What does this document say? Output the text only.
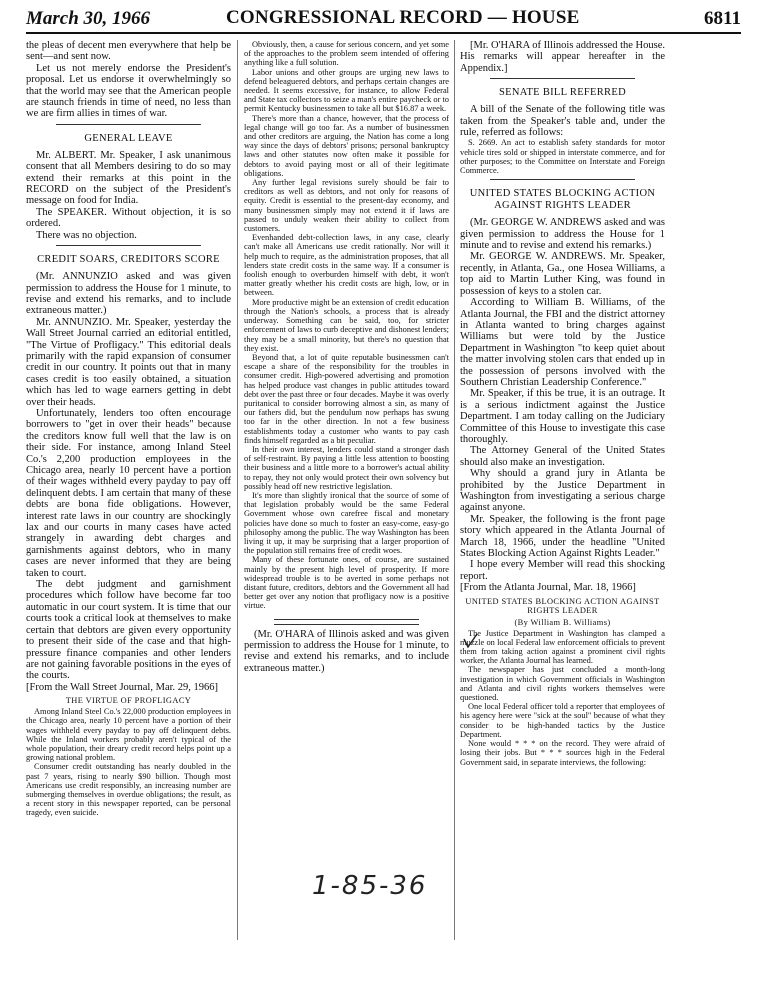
March 30, 1966	CONGRESSIONAL RECORD — HOUSE	6811

the pleas of decent men everywhere that help be sent—and sent now.

Let us not merely endorse the President's proposal. Let us endorse it overwhelmingly so that the world may see that the American people are staunch friends in time of need, no less than we are firm allies in times of war.

GENERAL LEAVE

Mr. ALBERT. Mr. Speaker, I ask unanimous consent that all Members desiring to do so may extend their remarks at this point in the RECORD on the subject of the President's message on food for India.

The SPEAKER. Without objection, it is so ordered.

There was no objection.

CREDIT SOARS, CREDITORS SCORE

(Mr. ANNUNZIO asked and was given permission to address the House for 1 minute, to revise and extend his remarks, and to include extraneous matter.)

Mr. ANNUNZIO. Mr. Speaker, yesterday the Wall Street Journal carried an editorial entitled, "The Virtue of Profligacy." This editorial deals primarily with the rapid expansion of consumer credit in our country. It points out that in many cases credit is too easily obtained, a situation which has led to wage earners getting in debt over their heads.

Unfortunately, lenders too often encourage borrowers to "get in over their heads" because the creditors know full well that the law is on their side. For instance, among Inland Steel Co.'s 2,200 production employees in the Chicago area, nearly 10 percent have a portion of their wages withheld every payday to pay off delinquent debts. I am certain that many of these debts are bona fide obligations. However, interest rate laws in our country are shockingly lax and our courts in many cases have acted strangely in awarding debt charges and garnishments against debtors, who in many cases are never informed that they are being taken to court.

The debt judgment and garnishment procedures which follow have become far too automatic in our court system. It is time that our courts took a critical look at themselves to make certain that debtors are given every opportunity to present their side of the case and that high-pressure finance companies and other lenders are not gaining favorable positions in the eyes of the courts.

[From the Wall Street Journal, Mar. 29, 1966]

THE VIRTUE OF PROFLIGACY

Among Inland Steel Co.'s 22,000 production employees in the Chicago area, nearly 10 percent have a portion of their wages withheld every payday to pay off delinquent debts. While the Inland workers probably aren't typical of the whole population, their dreary credit record helps point up a growing national problem.

Consumer credit outstanding has nearly doubled in the past 7 years, rising to nearly $90 billion. Though most Americans use credit responsibly, an increasing number are submerging themselves in overdue obligations; the result, as a recent story in this newspaper reported, can be personal tragedy, even suicide.

Obviously, then, a cause for serious concern, and yet some of the approaches to the problem seem intended of offering anything like a full solution.

Labor unions and other groups are urging new laws to defend beleaguered debtors, and perhaps certain changes are needed. It seems excessive, for instance, to allow Federal and State tax collectors to seize a man's entire paycheck or to permit Kentucky businessmen to take all but $16.87 a week.

There's more than a chance, however, that the process of legal change will go too far. As a number of businessmen and other creditors are arguing, the Nation has come a long way since the days of debtors' prisons; personal bankruptcy laws and other statutes now often make it possible for debtors to avoid paying most or all of their legitimate obligations.

Any further legal revisions surely should be fair to creditors as well as debtors, and not only for reasons of equity. Credit is essential to the present-day economy, and many businessmen simply may not extend it if laws are passed to unduly weaken their ability to collect from customers.

Evenhanded debt-collection laws, in any case, clearly can't make all Americans use credit rationally. Nor will it help much to require, as the administration proposes, that all lenders state credit costs in the same way. If a consumer is foolish enough to overburden himself with debt, it won't matter greatly whether his credit costs are high, low, or in between.

More productive might be an extension of credit education through the Nation's schools, a process that is already underway. Something can be said, too, for stricter enforcement of laws to curb deceptive and dishonest lenders; they may be a small minority, but there's no question that they exist.

Beyond that, a lot of quite reputable businessmen can't escape a share of the responsibility for the troubles in consumer credit. High-powered advertising and promotion has helped produce vast changes in public attitudes toward debt over the past three or four decades. Maybe it was overly puritanical to consider borrowing almost a sin, as many of our fathers did, but the pendulum now perhaps has swung too far in the other direction. In not a few business establishments today a customer who wants to pay cash finds himself regarded as a bit peculiar.

In their own interest, lenders could stand a stronger dash of self-restraint. By paying a little less attention to boosting their business and a little more to a borrower's actual ability to repay, they not only would protect their own solvency but possibly head off new restrictive legislation.

It's more than slightly ironical that the source of some of that legislation probably would be the same Federal Government whose own carefree fiscal and monetary policies have done so much to foster an easy-come, easy-go philosophy among the public. The way Washington has been living it up, it may be surprising that a larger proportion of the population still remains free of credit woes.

Many of these fortunate ones, of course, are sustained mainly by the present high level of prosperity. If more widespread trouble is to be averted in some perhaps not distant future, creditors, debtors and the Government all had better get over any notion that profligacy now is a positive virtue.

(Mr. O'HARA of Illinois asked and was given permission to address the House for 1 minute, to revise and extend his remarks, and to include extraneous matter.)

[Mr. O'HARA of Illinois addressed the House. His remarks will appear hereafter in the Appendix.]

SENATE BILL REFERRED

A bill of the Senate of the following title was taken from the Speaker's table and, under the rule, referred as follows:

S. 2669. An act to establish safety standards for motor vehicle tires sold or shipped in interstate commerce, and for other purposes; to the Committee on Interstate and Foreign Commerce.

UNITED STATES BLOCKING ACTION AGAINST RIGHTS LEADER

(Mr. GEORGE W. ANDREWS asked and was given permission to address the House for 1 minute and to revise and extend his remarks.)

Mr. GEORGE W. ANDREWS. Mr. Speaker, recently, in Atlanta, Ga., one Hosea Williams, a top aid to Martin Luther King, was found in possession of keys to a stolen car.

According to William B. Williams, of the Atlanta Journal, the FBI and the district attorney in Atlanta wanted to bring charges against Williams but were told by the Justice Department in Washington "to keep quiet about the matter involving stolen cars that ended up in the possession of persons involved with the Southern Christian Leadership Conference."

Mr. Speaker, if this be true, it is an outrage. It is a serious indictment against the Justice Department. I am today calling on the Judiciary Committee of this House to investigate this case thoroughly.

The Attorney General of the United States should also make an investigation.

Why should a grand jury in Atlanta be prohibited by the Justice Department in Washington from investigating a serious charge against anyone.

Mr. Speaker, the following is the front page story which appeared in the Atlanta Journal of March 18, 1966, under the headline "United States Blocking Action Against Rights Leader."

I hope every Member will read this shocking report.

[From the Atlanta Journal, Mar. 18, 1966]

UNITED STATES BLOCKING ACTION AGAINST RIGHTS LEADER
(By William B. Williams)

The Justice Department in Washington has clamped a muzzle on local Federal law enforcement officials to prevent them from taking action against a prominent civil rights worker, the Atlanta Journal has learned.

The newspaper has just concluded a month-long investigation in which Government officials in Washington and Atlanta and civil rights workers themselves were questioned.

One local Federal officer told a reporter that employees of his agency here were "sick at the soul" because of what they consider to be high-handed tactics by the Justice Department.

None would * * * on the record. They were afraid of losing their jobs. But * * * sources high in the Federal Government said, in separate interviews, the following:

1-85-36
